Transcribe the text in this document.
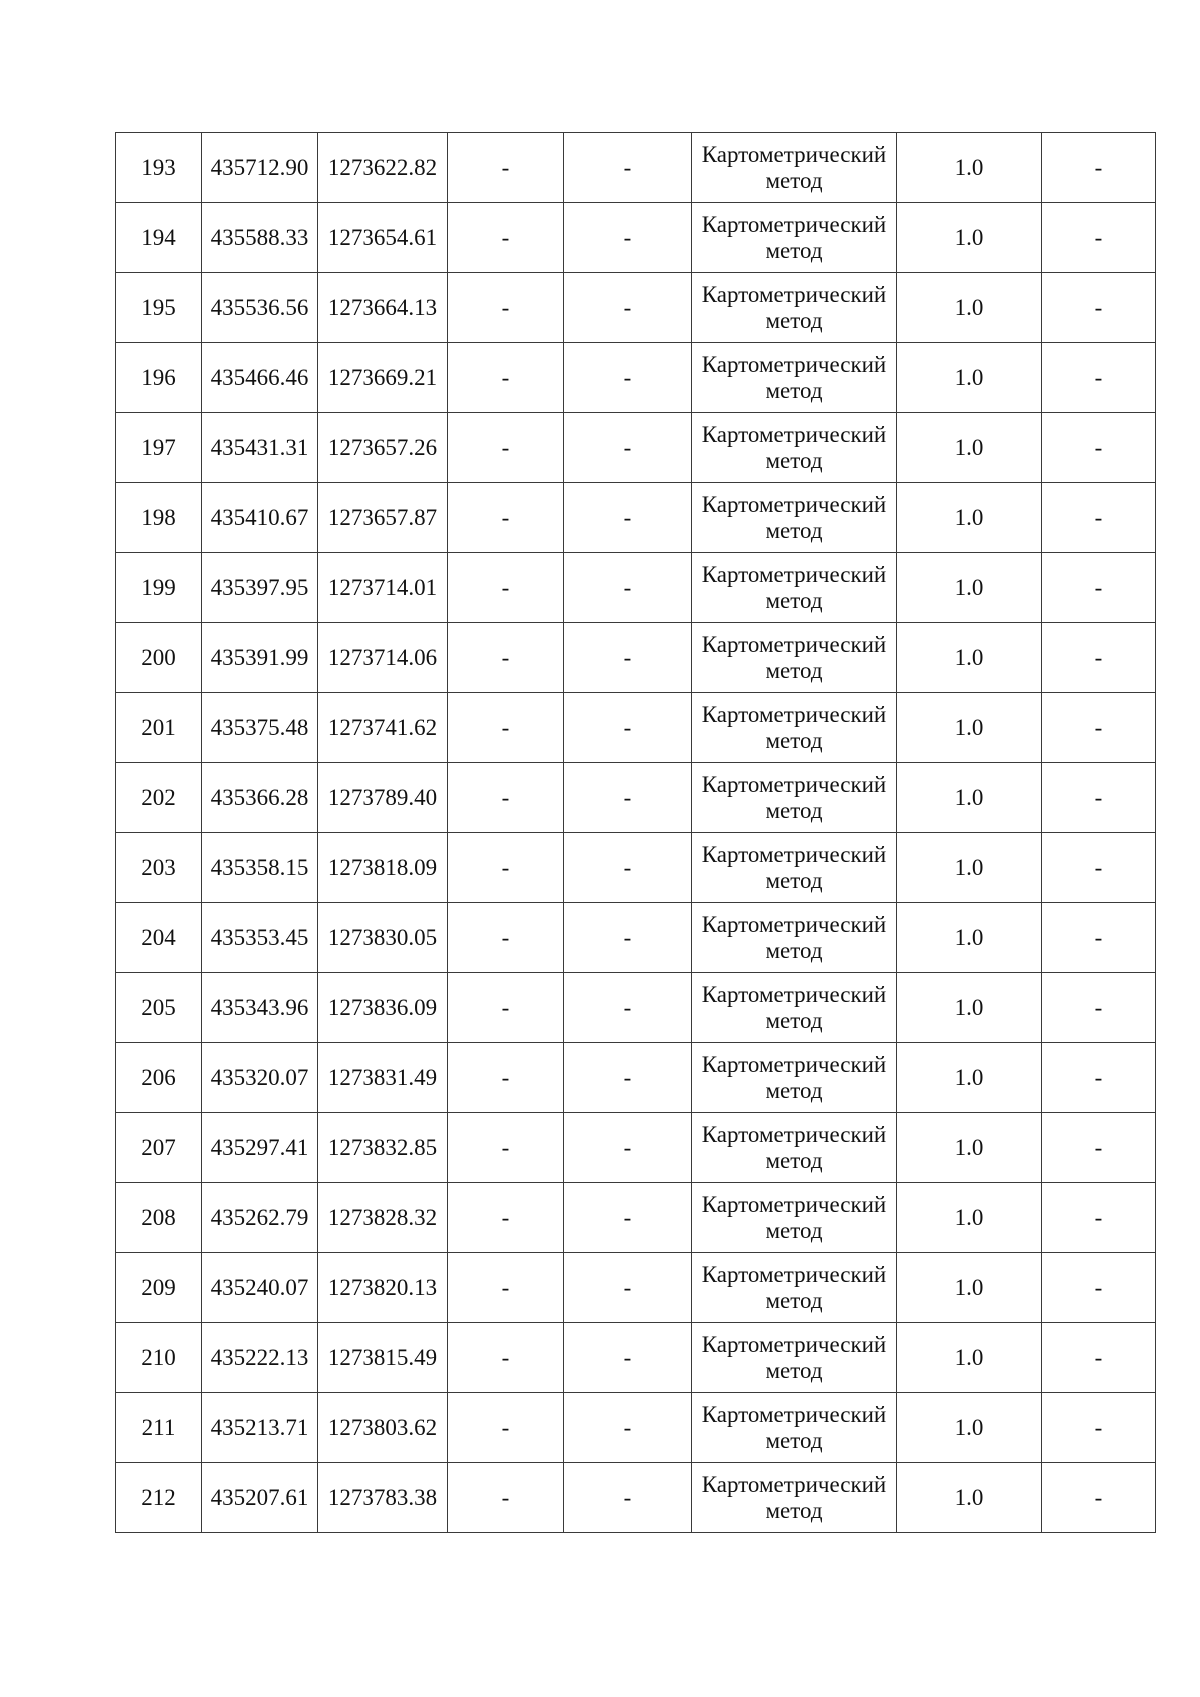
193	435712.90	1273622.82	-	-	Картометрический метод	1.0	-
194	435588.33	1273654.61	-	-	Картометрический метод	1.0	-
195	435536.56	1273664.13	-	-	Картометрический метод	1.0	-
196	435466.46	1273669.21	-	-	Картометрический метод	1.0	-
197	435431.31	1273657.26	-	-	Картометрический метод	1.0	-
198	435410.67	1273657.87	-	-	Картометрический метод	1.0	-
199	435397.95	1273714.01	-	-	Картометрический метод	1.0	-
200	435391.99	1273714.06	-	-	Картометрический метод	1.0	-
201	435375.48	1273741.62	-	-	Картометрический метод	1.0	-
202	435366.28	1273789.40	-	-	Картометрический метод	1.0	-
203	435358.15	1273818.09	-	-	Картометрический метод	1.0	-
204	435353.45	1273830.05	-	-	Картометрический метод	1.0	-
205	435343.96	1273836.09	-	-	Картометрический метод	1.0	-
206	435320.07	1273831.49	-	-	Картометрический метод	1.0	-
207	435297.41	1273832.85	-	-	Картометрический метод	1.0	-
208	435262.79	1273828.32	-	-	Картометрический метод	1.0	-
209	435240.07	1273820.13	-	-	Картометрический метод	1.0	-
210	435222.13	1273815.49	-	-	Картометрический метод	1.0	-
211	435213.71	1273803.62	-	-	Картометрический метод	1.0	-
212	435207.61	1273783.38	-	-	Картометрический метод	1.0	-
